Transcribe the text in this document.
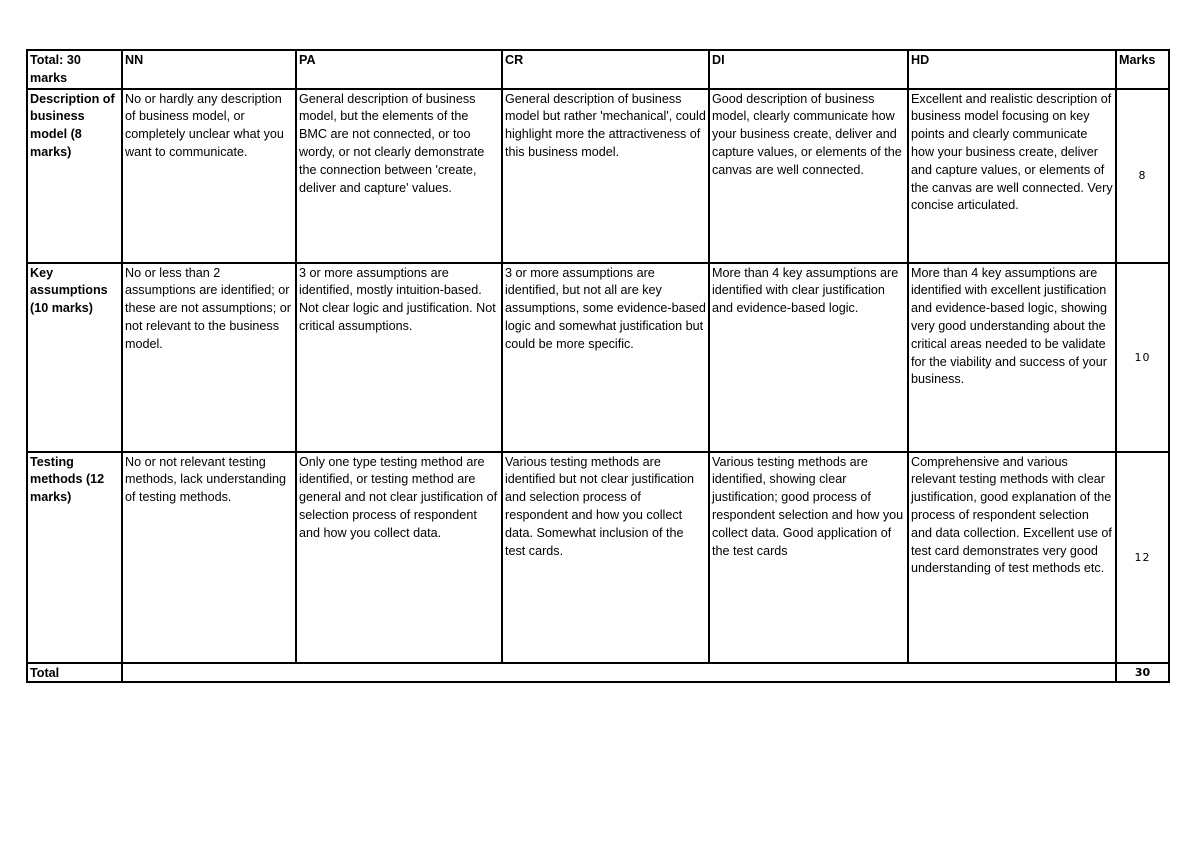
Total: 30 marks	NN	PA	CR	DI	HD	Marks
Description of business model (8 marks)	No or hardly any description of business model, or completely unclear what you want to communicate.	General description of business model, but the elements of the BMC are not connected, or too wordy, or not clearly demonstrate the connection between 'create, deliver and capture' values.	General description of business model but rather 'mechanical', could highlight more the attractiveness of this business model.	Good description of business model, clearly communicate how your business create, deliver and capture values, or elements of the canvas are well connected.	Excellent and realistic description of business model focusing on key points and clearly communicate how your business create, deliver and capture values, or elements of the canvas are well connected. Very concise articulated.	8
Key assumptions (10 marks)	No or less than 2 assumptions are identified; or these are not assumptions; or not relevant to the business model.	3 or more assumptions are identified, mostly intuition-based. Not clear logic and justification. Not critical assumptions.	3 or more assumptions are identified, but not all are key assumptions, some evidence-based logic and somewhat justification but could be more specific.	More than 4 key assumptions are identified with clear justification and evidence-based logic.	More than 4 key assumptions are identified with excellent justification and evidence-based logic, showing very good understanding about the critical areas needed to be validate for the viability and success of your business.	10
Testing methods (12 marks)	No or not relevant testing methods, lack understanding of testing methods.	Only one type testing method are identified, or testing method are general and not clear justification of selection process of respondent and how you collect data.	Various testing methods are identified but not clear justification and selection process of respondent and how you collect data. Somewhat inclusion of the test cards.	Various testing methods are identified, showing clear justification; good process of respondent selection and how you collect data. Good application of the test cards	Comprehensive and various relevant testing methods with clear justification, good explanation of the process of respondent selection and data collection. Excellent use of test card demonstrates very good understanding of test methods etc.	12
Total						30
